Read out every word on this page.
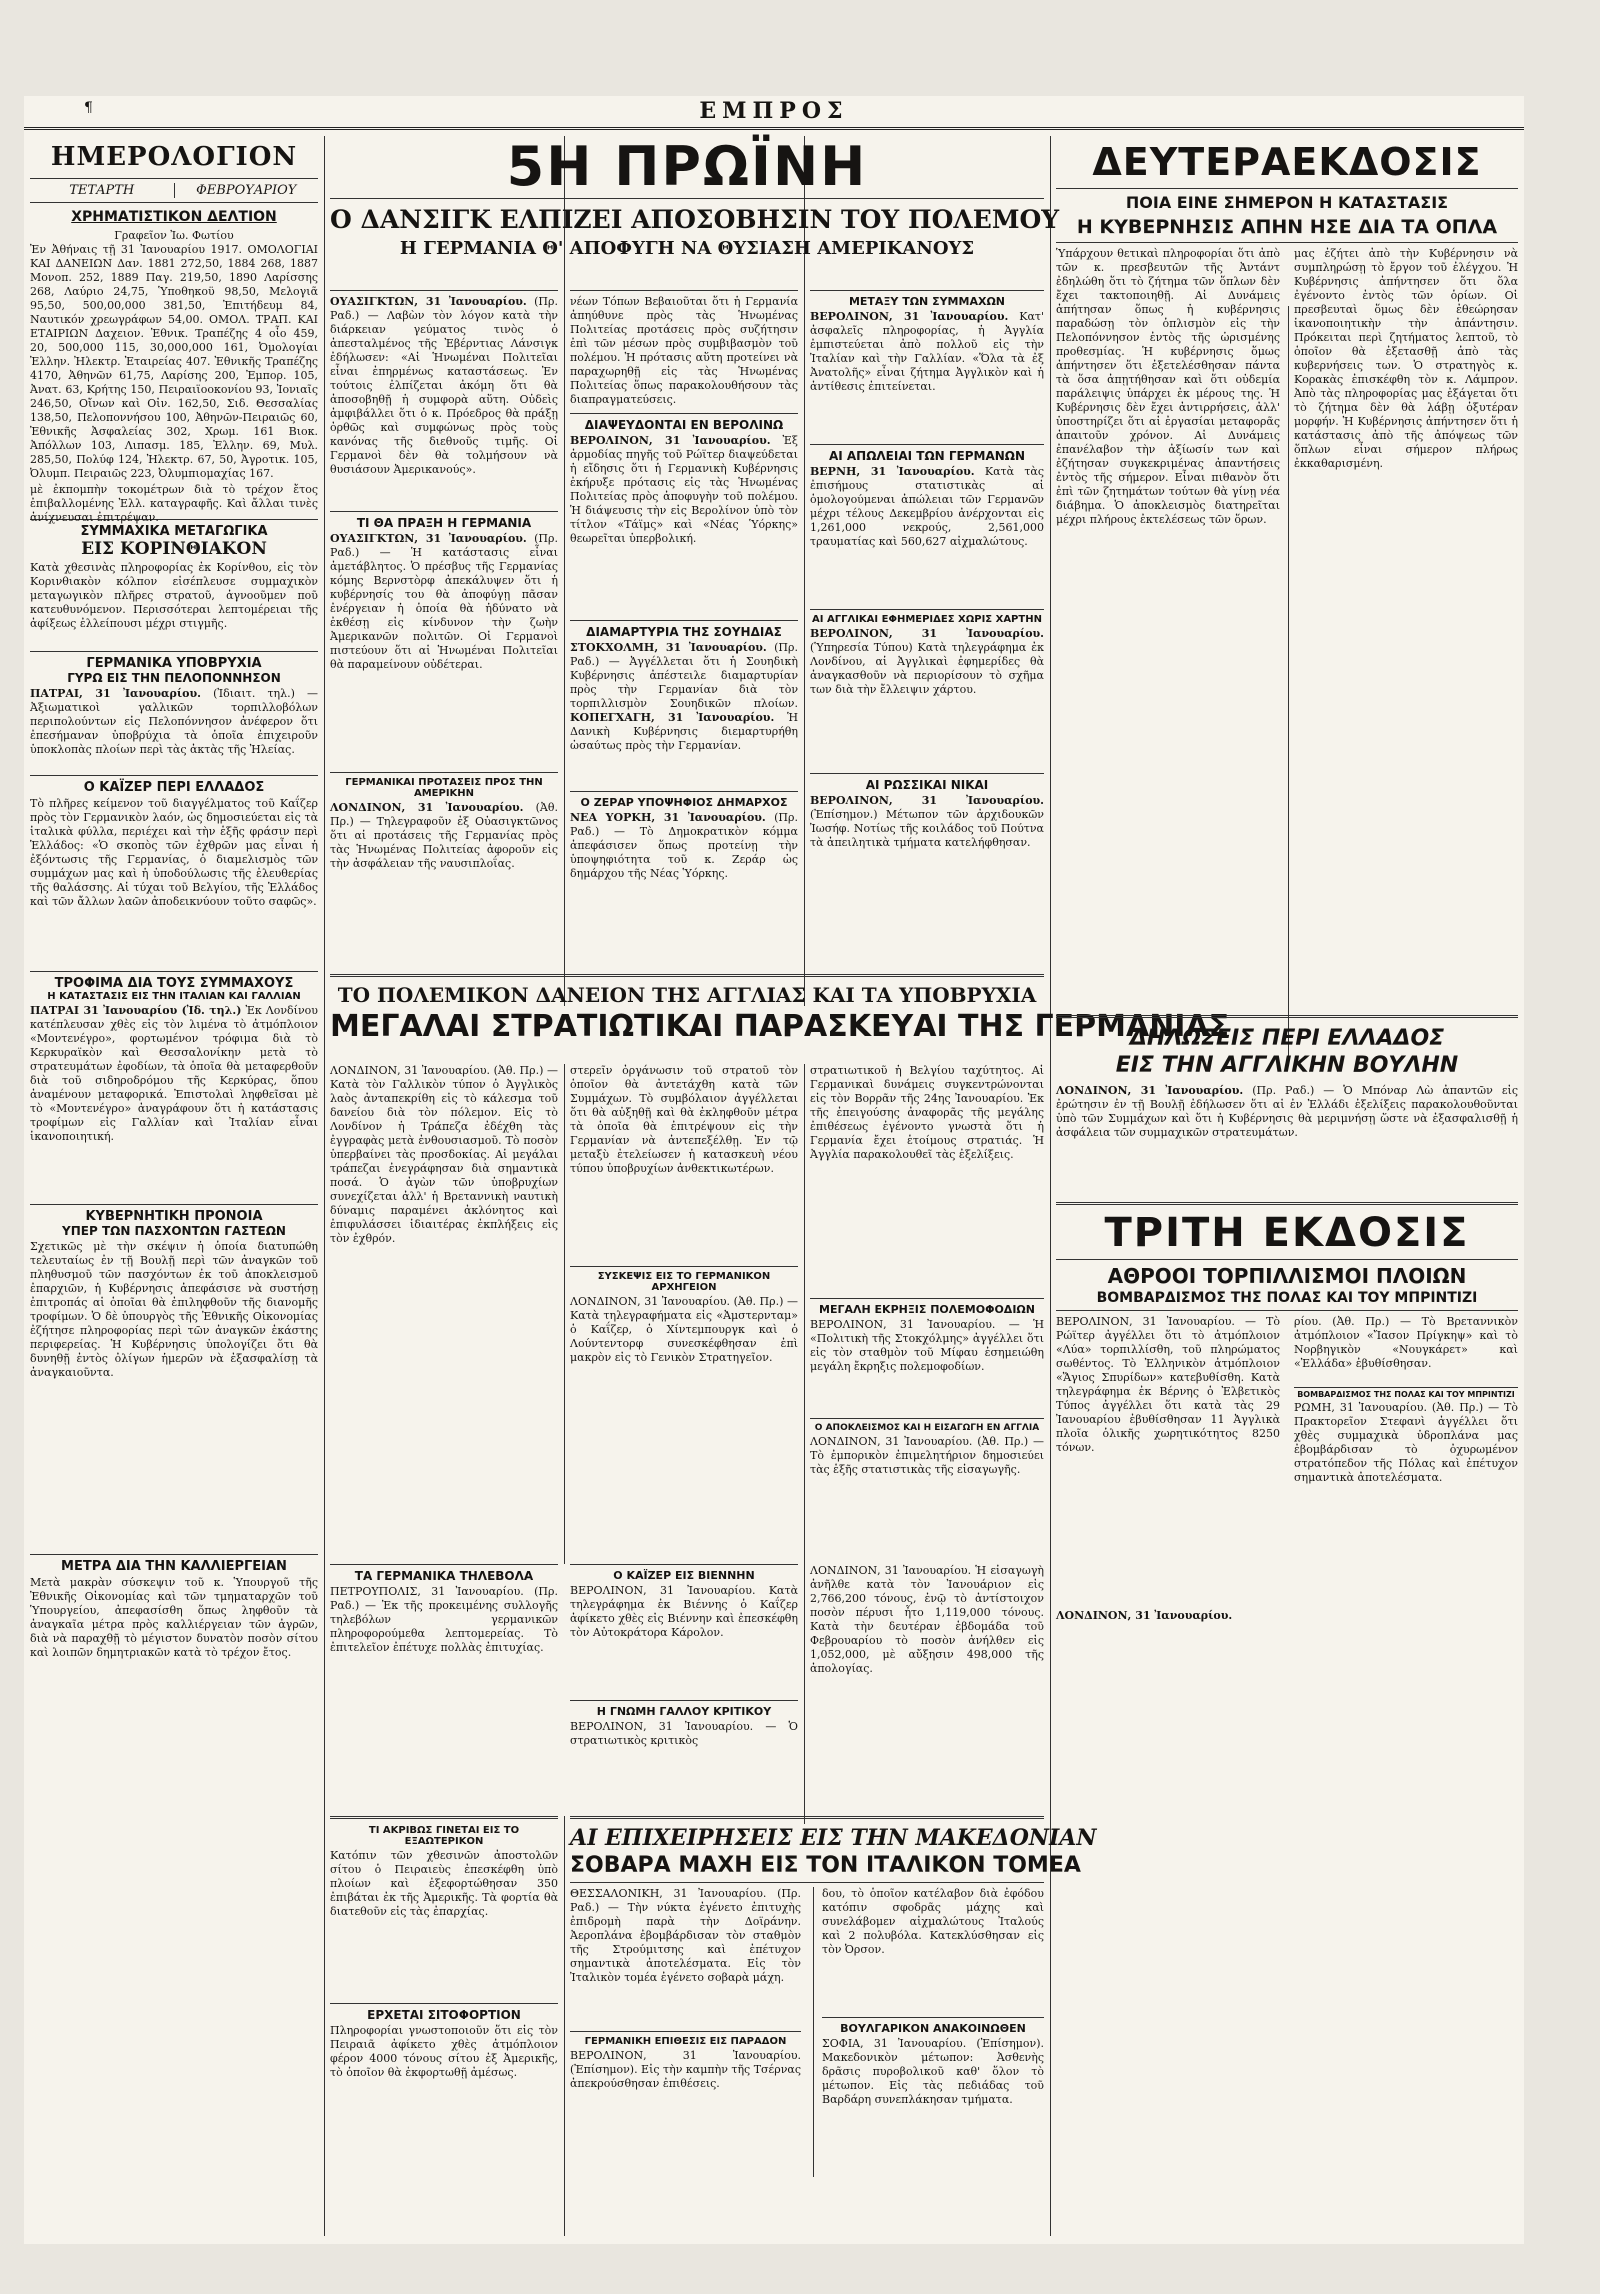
¶	ΕΜΠΡΟΣ
ΗΜΕΡΟΛΟΓΙΟΝ
ΤΕΤΑΡΤΗ	ΦΕΒΡΟΥΑΡΙΟΥ
ΧΡΗΜΑΤΙΣΤΙΚΟΝ ΔΕΛΤΙΟΝ
Γραφεῖον Ἰω. Φωτίου
Ἐν Ἀθήναις τῇ 31 Ἰανουαρίου 1917. ΟΜΟΛΟΓΙΑΙ ΚΑΙ ΔΑΝΕΙΩΝ Δαν. 1881 272,50, 1884 268, 1887 Μονοπ. 252, 1889 Παγ. 219,50, 1890 Λαρίσσης 268, Λαύριο 24,75, Ὑποθηκοϋ 98,50, Μελογιᾶ 95,50, 500,00,000 381,50, Ἐπιτήδευμ 84, Ναυτικόν χρεωγράφων 54,00. ΟΜΟΛ. ΤΡΑΠ. ΚΑΙ ΕΤΑΙΡΙΩΝ Δαχειον. Ἐθνικ. Τραπέζης 4 οἶο 459, 20, 500,000 115, 30,000,000 161, Ὀμολογίαι Ἐλλην. Ἠλεκτρ. Ἐταιρείας 407. Ἐθνικῆς Τραπέζης 4170, Ἀθηνῶν 61,75, Λαρίσης 200, Ἐμπορ. 105, Ἀνατ. 63, Κρήτης 150, Πειραιϊοοκονίου 93, Ἰονιαῖς 246,50, Οἴνων καὶ Οἰν. 162,50, Σιδ. Θεσσαλίας 138,50, Πελοποννήσου 100, Ἀθηνῶν-Πειραιῶς 60, Ἐθνικῆς Ἀσφαλείας 302, Χρωμ. 161 Βιοκ. Ἀπόλλων 103, Λιπασμ. 185, Ἐλλην. 69, Μυλ. 285,50, Πολύφ 124, Ἠλεκτρ. 67, 50, Ἀγροτικ. 105, Ὀλυμπ. Πειραιῶς 223, Ὀλυμπιομαχίας 167.
μὲ ἐκπομπὴν τοκομέτρων διὰ τὸ τρέχον ἔτος ἐπιβαλλομένης Ἐλλ. καταγραφῆς. Καὶ ἄλλαι τινὲς ἀνίχνευσαι ἐπιτρέψαν.
ΣΥΜΜΑΧΙΚΑ ΜΕΤΑΓΩΓΙΚΑ
ΕΙΣ ΚΟΡΙΝΘΙΑΚΟΝ
Κατὰ χθεσινὰς πληροφορίας ἐκ Κορίνθου, εἰς τὸν Κορινθιακὸν κόλπον εἰσέπλευσε συμμαχικὸν μεταγωγικὸν πλῆρες στρατοῦ, ἀγνοοῦμεν ποῦ κατευθυνόμενον. Περισσότεραι λεπτομέρειαι τῆς ἀφίξεως ἐλλείπουσι μέχρι στιγμῆς.
ΓΕΡΜΑΝΙΚΑ ΥΠΟΒΡΥΧΙΑ
ΓΥΡΩ ΕΙΣ ΤΗΝ ΠΕΛΟΠΟΝΝΗΣΟΝ
ΠΑΤΡΑΙ, 31 Ἰανουαρίου. (Ἰδιαιτ. τηλ.) — Ἀξιωματικοὶ γαλλικῶν τορπιλλοβόλων περιπολούντων εἰς Πελοπόννησον ἀνέφερον ὅτι ἐπεσήμαναν ὑποβρύχια τὰ ὁποῖα ἐπιχειροῦν ὑποκλοπὰς πλοίων περὶ τὰς ἀκτὰς τῆς Ἠλείας.
Ο ΚΑΪΖΕΡ ΠΕΡΙ ΕΛΛΑΔΟΣ
Τὸ πλῆρες κείμενον τοῦ διαγγέλματος τοῦ Καΐζερ πρὸς τὸν Γερμανικὸν λαόν, ὡς δημοσιεύεται εἰς τὰ ἰταλικὰ φύλλα, περιέχει καὶ τὴν ἑξῆς φράσιν περὶ Ἑλλάδος: «Ὁ σκοπὸς τῶν ἐχθρῶν μας εἶναι ἡ ἐξόντωσις τῆς Γερμανίας, ὁ διαμελισμὸς τῶν συμμάχων μας καὶ ἡ ὑποδούλωσις τῆς ἐλευθερίας τῆς θαλάσσης. Αἱ τύχαι τοῦ Βελγίου, τῆς Ἑλλάδος καὶ τῶν ἄλλων λαῶν ἀποδεικνύουν τοῦτο σαφῶς».
ΤΡΟΦΙΜΑ ΔΙΑ ΤΟΥΣ ΣΥΜΜΑΧΟΥΣ
Η ΚΑΤΑΣΤΑΣΙΣ ΕΙΣ ΤΗΝ ΙΤΑΛΙΑΝ ΚΑΙ ΓΑΛΛΙΑΝ
ΠΑΤΡΑΙ 31 Ἰανουαρίου (Ἰδ. τηλ.) Ἐκ Λονδίνου κατέπλευσαν χθὲς εἰς τὸν λιμένα τὸ ἀτμόπλοιον «Μοντενέγρο», φορτωμένον τρόφιμα διὰ τὸ Κερκυραϊκὸν καὶ Θεσσαλονίκην μετὰ τὸ στρατευμάτων ἐφοδίων, τὰ ὁποῖα θὰ μεταφερθοῦν διὰ τοῦ σιδηροδρόμου τῆς Κερκύρας, ὅπου ἀναμένουν μεταφορικά. Ἐπιστολαὶ ληφθεῖσαι μὲ τὸ «Μοντενέγρο» ἀναγράφουν ὅτι ἡ κατάστασις τροφίμων εἰς Γαλλίαν καὶ Ἰταλίαν εἶναι ἱκανοποιητική.
ΚΥΒΕΡΝΗΤΙΚΗ ΠΡΟΝΟΙΑ
ΥΠΕΡ ΤΩΝ ΠΑΣΧΟΝΤΩΝ ΓΑΣΤΕΩΝ
Σχετικῶς μὲ τὴν σκέψιν ἡ ὁποία διατυπώθη τελευταίως ἐν τῇ Βουλῇ περὶ τῶν ἀναγκῶν τοῦ πληθυσμοῦ τῶν πασχόντων ἐκ τοῦ ἀποκλεισμοῦ ἐπαρχιῶν, ἡ Κυβέρνησις ἀπεφάσισε νὰ συστήσῃ ἐπιτροπάς αἱ ὁποῖαι θὰ ἐπιληφθοῦν τῆς διανομῆς τροφίμων. Ὁ δὲ ὑπουργὸς τῆς Ἐθνικῆς Οἰκονομίας ἐζήτησε πληροφορίας περὶ τῶν ἀναγκῶν ἑκάστης περιφερείας. Ἡ Κυβέρνησις ὑπολογίζει ὅτι θὰ δυνηθῇ ἐντὸς ὀλίγων ἡμερῶν νὰ ἐξασφαλίσῃ τὰ ἀναγκαιοῦντα.
ΜΕΤΡΑ ΔΙΑ ΤΗΝ ΚΑΛΛΙΕΡΓΕΙΑΝ
Μετὰ μακρὰν σύσκεψιν τοῦ κ. Ὑπουργοῦ τῆς Ἐθνικῆς Οἰκονομίας καὶ τῶν τμηματαρχῶν τοῦ Ὑπουργείου, ἀπεφασίσθη ὅπως ληφθοῦν τὰ ἀναγκαῖα μέτρα πρὸς καλλιέργειαν τῶν ἀγρῶν, διὰ νὰ παραχθῇ τὸ μέγιστον δυνατὸν ποσὸν σίτου καὶ λοιπῶν δημητριακῶν κατὰ τὸ τρέχον ἔτος.
5Η ΠΡΩΪΝΗ
Ο ΔΑΝΣΙΓΚ ΕΛΠΙΖΕΙ ΑΠΟΣΟΒΗΣΙΝ ΤΟΥ ΠΟΛΕΜΟΥ
Η ΓΕΡΜΑΝΙΑ Θ' ΑΠΟΦΥΓΗ ΝΑ ΘΥΣΙΑΣΗ ΑΜΕΡΙΚΑΝΟΥΣ
ΟΥΑΣΙΓΚΤΩΝ, 31 Ἰανουαρίου. (Πρ. Ραδ.) — Λαβὼν τὸν λόγον κατὰ τὴν διάρκειαν γεύματος τινὸς ὁ ἀπεσταλμένος τῆς Ἐβέρντιας Λάνσιγκ ἐδήλωσεν: «Αἱ Ἡνωμέναι Πολιτεῖαι εἶναι ἐπηρμένως καταστάσεως. Ἐν τούτοις ἐλπίζεται ἀκόμη ὅτι θὰ ἀποσοβηθῇ ἡ συμφορὰ αὕτη. Οὐδεὶς ἀμφιβάλλει ὅτι ὁ κ. Πρόεδρος θὰ πράξῃ ὀρθῶς καὶ συμφώνως πρὸς τοὺς κανόνας τῆς διεθνοῦς τιμῆς. Οἱ Γερμανοὶ δὲν θὰ τολμήσουν νὰ θυσιάσουν Ἀμερικανούς».
ΤΙ ΘΑ ΠΡΑΞΗ Η ΓΕΡΜΑΝΙΑ
ΟΥΑΣΙΓΚΤΩΝ, 31 Ἰανουαρίου. (Πρ. Ραδ.) — Ἡ κατάστασις εἶναι ἀμετάβλητος. Ὁ πρέσβυς τῆς Γερμανίας κόμης Βερνστὸρφ ἀπεκάλυψεν ὅτι ἡ κυβέρνησίς του θὰ ἀποφύγῃ πᾶσαν ἐνέργειαν ἡ ὁποία θὰ ἠδύνατο νὰ ἐκθέσῃ εἰς κίνδυνον τὴν ζωὴν Ἀμερικανῶν πολιτῶν. Οἱ Γερμανοὶ πιστεύουν ὅτι αἱ Ἡνωμέναι Πολιτεῖαι θὰ παραμείνουν οὐδέτεραι.
ΓΕΡΜΑΝΙΚΑΙ ΠΡΟΤΑΣΕΙΣ ΠΡΟΣ ΤΗΝ ΑΜΕΡΙΚΗΝ
ΛΟΝΔΙΝΟΝ, 31 Ἰανουαρίου. (Ἀθ. Πρ.) — Τηλεγραφοῦν ἐξ Οὐασιγκτῶνος ὅτι αἱ προτάσεις τῆς Γερμανίας πρὸς τὰς Ἡνωμένας Πολιτείας ἀφοροῦν εἰς τὴν ἀσφάλειαν τῆς ναυσιπλοΐας.
νέων Τόπων Βεβαιοῦται ὅτι ἡ Γερμανία ἀπηύθυνε πρὸς τὰς Ἡνωμένας Πολιτείας προτάσεις πρὸς συζήτησιν ἐπὶ τῶν μέσων πρὸς συμβιβασμὸν τοῦ πολέμου. Ἡ πρότασις αὕτη προτείνει νὰ παραχωρηθῇ εἰς τὰς Ἡνωμένας Πολιτείας ὅπως παρακολουθήσουν τὰς διαπραγματεύσεις.
ΔΙΑΨΕΥΔΟΝΤΑΙ ΕΝ ΒΕΡΟΛΙΝΩ
ΒΕΡΟΛΙΝΟΝ, 31 Ἰανουαρίου. Ἐξ ἀρμοδίας πηγῆς τοῦ Ρώϊτερ διαψεύδεται ἡ εἴδησις ὅτι ἡ Γερμανικὴ Κυβέρνησις ἐκήρυξε πρότασις εἰς τὰς Ἡνωμένας Πολιτείας πρὸς ἀποφυγὴν τοῦ πολέμου. Ἡ διάψευσις τὴν εἰς Βερολίνον ὑπὸ τὸν τίτλον «Τάϊμς» καὶ «Νέας Ὑόρκης» θεωρεῖται ὑπερβολική.
ΔΙΑΜΑΡΤΥΡΙΑ ΤΗΣ ΣΟΥΗΔΙΑΣ
ΣΤΟΚΧΟΛΜΗ, 31 Ἰανουαρίου. (Πρ. Ραδ.) — Ἀγγέλλεται ὅτι ἡ Σουηδικὴ Κυβέρνησις ἀπέστειλε διαμαρτυρίαν πρὸς τὴν Γερμανίαν διὰ τὸν τορπιλλισμὸν Σουηδικῶν πλοίων. ΚΟΠΕΓΧΑΓΗ, 31 Ἰανουαρίου. Ἡ Δανικὴ Κυβέρνησις διεμαρτυρήθη ὡσαύτως πρὸς τὴν Γερμανίαν.
Ο ΖΕΡΑΡ ΥΠΟΨΗΦΙΟΣ ΔΗΜΑΡΧΟΣ
ΝΕΑ ΥΟΡΚΗ, 31 Ἰανουαρίου. (Πρ. Ραδ.) — Τὸ Δημοκρατικὸν κόμμα ἀπεφάσισεν ὅπως προτείνῃ τὴν ὑποψηφιότητα τοῦ κ. Ζεράρ ὡς δημάρχου τῆς Νέας Ὑόρκης.
ΜΕΤΑΞΥ ΤΩΝ ΣΥΜΜΑΧΩΝ
ΒΕΡΟΛΙΝΟΝ, 31 Ἰανουαρίου. Κατ' ἀσφαλεῖς πληροφορίας, ἡ Ἀγγλία ἐμπιστεύεται ἀπὸ πολλοῦ εἰς τὴν Ἰταλίαν καὶ τὴν Γαλλίαν. «Ὅλα τὰ ἐξ Ἀνατολῆς» εἶναι ζήτημα Ἀγγλικὸν καὶ ἡ ἀντίθεσις ἐπιτείνεται.
ΑΙ ΑΠΩΛΕΙΑΙ ΤΩΝ ΓΕΡΜΑΝΩΝ
ΒΕΡΝΗ, 31 Ἰανουαρίου. Κατὰ τὰς ἐπισήμους στατιστικὰς αἱ ὁμολογούμεναι ἀπώλειαι τῶν Γερμανῶν μέχρι τέλους Δεκεμβρίου ἀνέρχονται εἰς 1,261,000 νεκρούς, 2,561,000 τραυματίας καὶ 560,627 αἰχμαλώτους.
ΑΙ ΑΓΓΛΙΚΑΙ ΕΦΗΜΕΡΙΔΕΣ ΧΩΡΙΣ ΧΑΡΤΗΝ
ΒΕΡΟΛΙΝΟΝ, 31 Ἰανουαρίου. (Ὑπηρεσία Τύπου) Κατὰ τηλεγράφημα ἐκ Λονδίνου, αἱ Ἀγγλικαὶ ἐφημερίδες θὰ ἀναγκασθοῦν νὰ περιορίσουν τὸ σχῆμα των διὰ τὴν ἔλλειψιν χάρτου.
ΑΙ ΡΩΣΣΙΚΑΙ ΝΙΚΑΙ
ΒΕΡΟΛΙΝΟΝ, 31 Ἰανουαρίου. (Ἐπίσημον.) Μέτωπον τῶν ἀρχιδουκῶν Ἰωσήφ. Νοτίως τῆς κοιλάδος τοῦ Πούτνα τὰ ἀπειλητικὰ τμήματα κατελήφθησαν.
ΤΟ ΠΟΛΕΜΙΚΟΝ ΔΑΝΕΙΟΝ ΤΗΣ ΑΓΓΛΙΑΣ ΚΑΙ ΤΑ ΥΠΟΒΡΥΧΙΑ
ΜΕΓΑΛΑΙ ΣΤΡΑΤΙΩΤΙΚΑΙ ΠΑΡΑΣΚΕΥΑΙ ΤΗΣ ΓΕΡΜΑΝΙΑΣ
ΛΟΝΔΙΝΟΝ, 31 Ἰανουαρίου. (Ἀθ. Πρ.) — Κατὰ τὸν Γαλλικὸν τύπον ὁ Ἀγγλικὸς λαὸς ἀνταπεκρίθη εἰς τὸ κάλεσμα τοῦ δανείου διὰ τὸν πόλεμον. Εἰς τὸ Λονδίνον ἡ Τράπεζα ἐδέχθη τὰς ἐγγραφὰς μετὰ ἐνθουσιασμοῦ. Τὸ ποσὸν ὑπερβαίνει τὰς προσδοκίας. Αἱ μεγάλαι τράπεζαι ἐνεγράφησαν διὰ σημαντικὰ ποσά. Ὁ ἀγὼν τῶν ὑποβρυχίων συνεχίζεται ἀλλ' ἡ Βρεταννικὴ ναυτικὴ δύναμις παραμένει ἀκλόνητος καὶ ἐπιφυλάσσει ἰδιαιτέρας ἐκπλήξεις εἰς τὸν ἐχθρόν.
στερεῖν ὀργάνωσιν τοῦ στρατοῦ τὸν ὁποῖον θὰ ἀντετάχθη κατὰ τῶν Συμμάχων. Τὸ συμβόλαιον ἀγγέλλεται ὅτι θὰ αὐξηθῇ καὶ θὰ ἐκληφθοῦν μέτρα τὰ ὁποῖα θὰ ἐπιτρέψουν εἰς τὴν Γερμανίαν νὰ ἀντεπεξέλθῃ. Ἐν τῷ μεταξὺ ἐτελείωσεν ἡ κατασκευὴ νέου τύπου ὑποβρυχίων ἀνθεκτικωτέρων.
ΣΥΣΚΕΨΙΣ ΕΙΣ ΤΟ ΓΕΡΜΑΝΙΚΟΝ ΑΡΧΗΓΕΙΟΝ
ΛΟΝΔΙΝΟΝ, 31 Ἰανουαρίου. (Ἀθ. Πρ.) — Κατὰ τηλεγραφήματα εἰς «Ἀμστερνταμ» ὁ Καΐζερ, ὁ Χίντεμπουργκ καὶ ὁ Λούντεντορφ συνεσκέφθησαν ἐπὶ μακρὸν εἰς τὸ Γενικὸν Στρατηγεῖον.
στρατιωτικοῦ ἡ Βελγίου ταχύτητος. Αἱ Γερμανικαὶ δυνάμεις συγκεντρώνονται εἰς τὸν Βορρᾶν τῆς 24ης Ἰανουαρίου. Ἐκ τῆς ἐπειγούσης ἀναφορᾶς τῆς μεγάλης ἐπιθέσεως ἐγένοντο γνωστὰ ὅτι ἡ Γερμανία ἔχει ἑτοίμους στρατιάς. Ἡ Ἀγγλία παρακολουθεῖ τὰς ἐξελίξεις.
ΜΕΓΑΛΗ ΕΚΡΗΞΙΣ ΠΟΛΕΜΟΦΟΔΙΩΝ
ΒΕΡΟΛΙΝΟΝ, 31 Ἰανουαρίου. — Ἡ «Πολιτικὴ τῆς Στοκχόλμης» ἀγγέλλει ὅτι εἰς τὸν σταθμὸν τοῦ Μίφαυ ἐσημειώθη μεγάλη ἔκρηξις πολεμοφοδίων.
Ο ΑΠΟΚΛΕΙΣΜΟΣ ΚΑΙ Η ΕΙΣΑΓΩΓΗ ΕΝ ΑΓΓΛΙΑ
ΛΟΝΔΙΝΟΝ, 31 Ἰανουαρίου. (Ἀθ. Πρ.) — Τὸ ἐμπορικὸν ἐπιμελητήριον δημοσιεύει τὰς ἑξῆς στατιστικὰς τῆς εἰσαγωγῆς.
ΤΑ ΓΕΡΜΑΝΙΚΑ ΤΗΛΕΒΟΛΑ
ΠΕΤΡΟΥΠΟΛΙΣ, 31 Ἰανουαρίου. (Πρ. Ραδ.) — Ἐκ τῆς προκειμένης συλλογῆς τηλεβόλων γερμανικῶν πληροφορούμεθα λεπτομερείας. Τὸ ἐπιτελεῖον ἐπέτυχε πολλὰς ἐπιτυχίας.
Ο ΚΑΪΖΕΡ ΕΙΣ ΒΙΕΝΝΗΝ
ΒΕΡΟΛΙΝΟΝ, 31 Ἰανουαρίου. Κατὰ τηλεγράφημα ἐκ Βιέννης ὁ Καΐζερ ἀφίκετο χθὲς εἰς Βιέννην καὶ ἐπεσκέφθη τὸν Αὐτοκράτορα Κάρολον.
Η ΓΝΩΜΗ ΓΑΛΛΟΥ ΚΡΙΤΙΚΟΥ
ΒΕΡΟΛΙΝΟΝ, 31 Ἰανουαρίου. — Ὁ στρατιωτικὸς κριτικὸς
ΛΟΝΔΙΝΟΝ, 31 Ἰανουαρίου. Ἡ εἰσαγωγὴ ἀνῆλθε κατὰ τὸν Ἰανουάριον εἰς 2,766,200 τόνους, ἐνῷ τὸ ἀντίστοιχον ποσὸν πέρυσι ἦτο 1,119,000 τόνους. Κατὰ τὴν δευτέραν ἑβδομάδα τοῦ Φεβρουαρίου τὸ ποσὸν ἀνήλθεν εἰς 1,052,000, μὲ αὔξησιν 498,000 τῆς ἀπολογίας.
ΤΙ ΑΚΡΙΒΩΣ ΓΙΝΕΤΑΙ ΕΙΣ ΤΟ ΕΞΑΩΤΕΡΙΚΟΝ
Κατόπιν τῶν χθεσινῶν ἀποστολῶν σίτου ὁ Πειραιεὺς ἐπεσκέφθη ὑπὸ πλοίων καὶ ἐξεφορτώθησαν 350 ἐπιβάται ἐκ τῆς Ἀμερικῆς. Τὰ φορτία θὰ διατεθοῦν εἰς τὰς ἐπαρχίας.
ΕΡΧΕΤΑΙ ΣΙΤΟΦΟΡΤΙΟΝ
Πληροφορίαι γνωστοποιοῦν ὅτι εἰς τὸν Πειραιᾶ ἀφίκετο χθὲς ἀτμόπλοιον φέρον 4000 τόνους σίτου ἐξ Ἀμερικῆς, τὸ ὁποῖον θὰ ἐκφορτωθῇ ἀμέσως.
ΑΙ ΕΠΙΧΕΙΡΗΣΕΙΣ ΕΙΣ ΤΗΝ ΜΑΚΕΔΟΝΙΑΝ
ΣΟΒΑΡΑ ΜΑΧΗ ΕΙΣ ΤΟΝ ΙΤΑΛΙΚΟΝ ΤΟΜΕΑ
ΘΕΣΣΑΛΟΝΙΚΗ, 31 Ἰανουαρίου. (Πρ. Ραδ.) — Τὴν νύκτα ἐγένετο ἐπιτυχὴς ἐπιδρομὴ παρὰ τὴν Δοϊράνην. Ἀεροπλάνα ἐβομβάρδισαν τὸν σταθμὸν τῆς Στρούμιτσης καὶ ἐπέτυχον σημαντικὰ ἀποτελέσματα. Εἰς τὸν Ἰταλικὸν τομέα ἐγένετο σοβαρὰ μάχη.
ΓΕΡΜΑΝΙΚΗ ΕΠΙΘΕΣΙΣ ΕΙΣ ΠΑΡΑΔΟΝ
ΒΕΡΟΛΙΝΟΝ, 31 Ἰανουαρίου. (Ἐπίσημον). Εἰς τὴν καμπὴν τῆς Τσέρνας ἀπεκρούσθησαν ἐπιθέσεις.
δου, τὸ ὁποῖον κατέλαβον διὰ ἐφόδου κατόπιν σφοδρᾶς μάχης καὶ συνελάβομεν αἰχμαλώτους Ἰταλούς καὶ 2 πολυβόλα. Κατεκλύσθησαν εἰς τὸν Ὀρσον.
ΒΟΥΛΓΑΡΙΚΟΝ ΑΝΑΚΟΙΝΩΘΕΝ
ΣΟΦΙΑ, 31 Ἰανουαρίου. (Ἐπίσημον). Μακεδονικὸν μέτωπον: Ἀσθενὴς δρᾶσις πυροβολικοῦ καθ' ὅλον τὸ μέτωπον. Εἰς τὰς πεδιάδας τοῦ Βαρδάρη συνεπλάκησαν τμήματα.
ΔΕΥΤΕΡΑΕΚΔΟΣΙΣ
ΠΟΙΑ ΕΙΝΕ ΣΗΜΕΡΟΝ Η ΚΑΤΑΣΤΑΣΙΣ
Η ΚΥΒΕΡΝΗΣΙΣ ΑΠΗΝ ΗΣΕ ΔΙΑ ΤΑ ΟΠΛΑ
Ὑπάρχουν θετικαὶ πληροφορίαι ὅτι ἀπὸ τῶν κ. πρεσβευτῶν τῆς Ἀντάντ ἐδηλώθη ὅτι τὸ ζήτημα τῶν ὅπλων δὲν ἔχει τακτοποιηθῇ. Αἱ Δυνάμεις ἀπήτησαν ὅπως ἡ κυβέρνησις παραδώσῃ τὸν ὁπλισμὸν εἰς τὴν Πελοπόννησον ἐντὸς τῆς ὡρισμένης προθεσμίας. Ἡ κυβέρνησις ὅμως ἀπήντησεν ὅτι ἐξετελέσθησαν πάντα τὰ ὅσα ἀπῃτήθησαν καὶ ὅτι οὐδεμία παράλειψις ὑπάρχει ἐκ μέρους της. Ἡ Κυβέρνησις δὲν ἔχει ἀντιρρήσεις, ἀλλ' ὑποστηρίζει ὅτι αἱ ἐργασίαι μεταφορᾶς ἀπαιτοῦν χρόνον. Αἱ Δυνάμεις ἐπανέλαβον τὴν ἀξίωσίν των καὶ ἐζήτησαν συγκεκριμένας ἀπαντήσεις ἐντὸς τῆς σήμερον. Εἶναι πιθανὸν ὅτι ἐπὶ τῶν ζητημάτων τούτων θὰ γίνῃ νέα διάβημα. Ὁ ἀποκλεισμὸς διατηρεῖται μέχρι πλήρους ἐκτελέσεως τῶν ὅρων.
μας ἐζήτει ἀπὸ τὴν Κυβέρνησιν νὰ συμπληρώσῃ τὸ ἔργον τοῦ ἐλέγχου. Ἡ Κυβέρνησις ἀπήντησεν ὅτι ὅλα ἐγένοντο ἐντὸς τῶν ὁρίων. Οἱ πρεσβευταὶ ὅμως δὲν ἐθεώρησαν ἱκανοποιητικὴν τὴν ἀπάντησιν. Πρόκειται περὶ ζητήματος λεπτοῦ, τὸ ὁποῖον θὰ ἐξετασθῇ ἀπὸ τὰς κυβερνήσεις των. Ὁ στρατηγὸς κ. Κορακὰς ἐπισκέφθη τὸν κ. Λάμπρον. Ἀπὸ τὰς πληροφορίας μας ἐξάγεται ὅτι τὸ ζήτημα δὲν θὰ λάβῃ ὀξυτέραν μορφήν. Ἡ Κυβέρνησις ἀπήντησεν ὅτι ἠ κατάστασις ἀπὸ τῆς ἀπόψεως τῶν ὅπλων εἶναι σήμερον πλήρως ἐκκαθαρισμένη.
ΔΗΛΩΣΕΙΣ ΠΕΡΙ ΕΛΛΑΔΟΣ
ΕΙΣ ΤΗΝ ΑΓΓΛΙΚΗΝ ΒΟΥΛΗΝ
ΛΟΝΔΙΝΟΝ, 31 Ἰανουαρίου. (Πρ. Ραδ.) — Ὁ Μπόναρ Λὼ ἀπαντῶν εἰς ἐρώτησιν ἐν τῇ Βουλῇ ἐδήλωσεν ὅτι αἱ ἐν Ἑλλάδι ἐξελίξεις παρακολουθοῦνται ὑπὸ τῶν Συμμάχων καὶ ὅτι ἡ Κυβέρνησις θὰ μεριμνήσῃ ὥστε νὰ ἐξασφαλισθῇ ἡ ἀσφάλεια τῶν συμμαχικῶν στρατευμάτων.
ΤΡΙΤΗ ΕΚΔΟΣΙΣ
ΑΘΡΟΟΙ ΤΟΡΠΙΛΛΙΣΜΟΙ ΠΛΟΙΩΝ
ΒΟΜΒΑΡΔΙΣΜΟΣ ΤΗΣ ΠΟΛΑΣ ΚΑΙ ΤΟΥ ΜΠΡΙΝΤΙΖΙ
ΒΕΡΟΛΙΝΟΝ, 31 Ἰανουαρίου. — Τὸ Ρώϊτερ ἀγγέλλει ὅτι τὸ ἀτμόπλοιον «Λύα» τορπιλλίσθη, τοῦ πληρώματος σωθέντος. Τὸ Ἑλληνικὸν ἀτμόπλοιον «Ἅγιος Σπυρίδων» κατεβυθίσθη. Κατὰ τηλεγράφημα ἐκ Βέρνης ὁ Ἐλβετικὸς Τύπος ἀγγέλλει ὅτι κατὰ τὰς 29 Ἰανουαρίου ἐβυθίσθησαν 11 Ἀγγλικὰ πλοῖα ὁλικῆς χωρητικότητος 8250 τόνων.
ΛΟΝΔΙΝΟΝ, 31 Ἰανουαρίου.
ρίου. (Ἀθ. Πρ.) — Τὸ Βρεταννικὸν ἀτμόπλοιον «Ἴασον Πρίγκηψ» καὶ τὸ Νορβηγικὸν «Νουγκάρετ» καὶ «Ἐλλάδα» ἐβυθίσθησαν.
ΒΟΜΒΑΡΔΙΣΜΟΣ ΤΗΣ ΠΟΛΑΣ ΚΑΙ ΤΟΥ ΜΠΡΙΝΤΙΖΙ
ΡΩΜΗ, 31 Ἰανουαρίου. (Ἀθ. Πρ.) — Τὸ Πρακτορεῖον Στεφανὶ ἀγγέλλει ὅτι χθὲς συμμαχικὰ ὑδροπλάνα μας ἐβομβάρδισαν τὸ ὀχυρωμένον στρατόπεδον τῆς Πόλας καὶ ἐπέτυχον σημαντικὰ ἀποτελέσματα.
